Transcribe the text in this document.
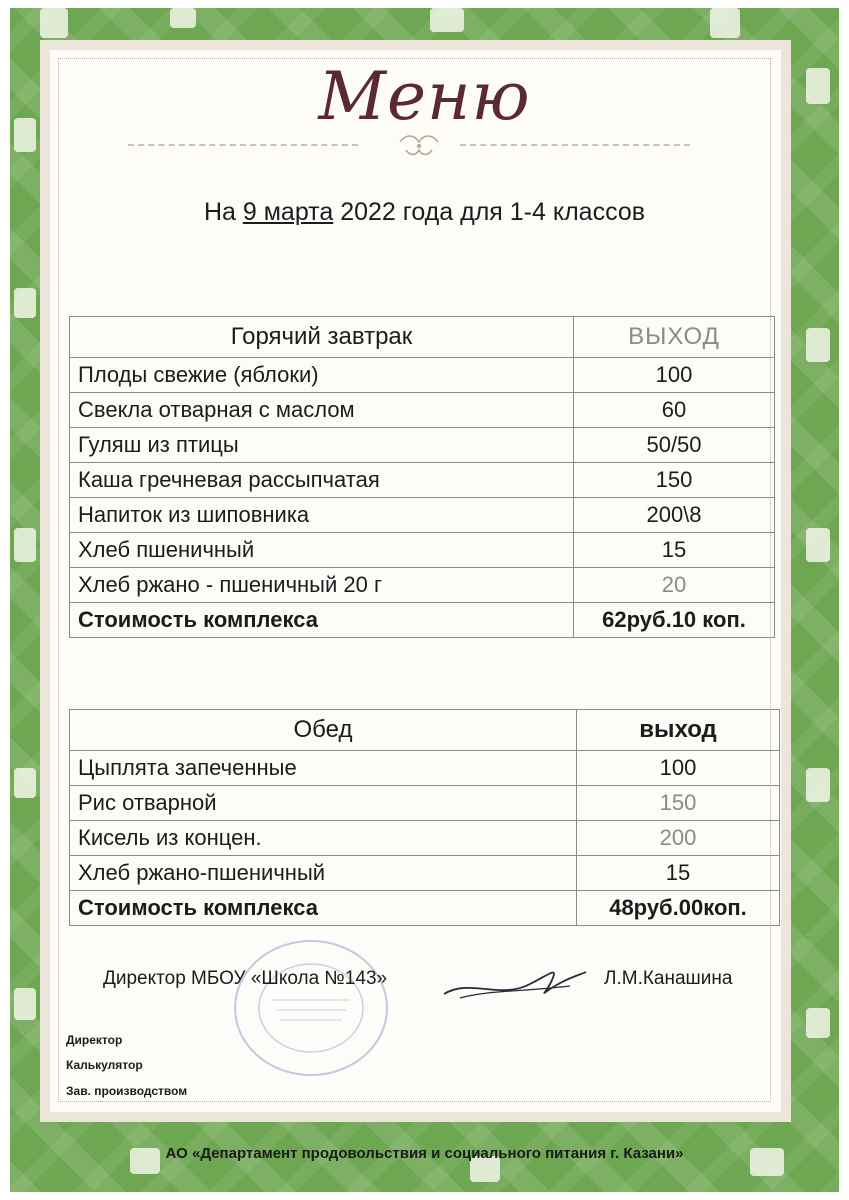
Меню
На 9 марта 2022 года для 1-4 классов
Горячий завтрак	ВЫХОД
Плоды свежие (яблоки)	100
Свекла отварная с маслом	60
Гуляш из птицы	50/50
Каша гречневая рассыпчатая	150
Напиток из шиповника	200\8
Хлеб пшеничный	15
Хлеб ржано - пшеничный 20 г	20
Стоимость комплекса	62руб.10 коп.
Обед	выход
Цыплята запеченные	100
Рис отварной	150
Кисель из концен.	200
Хлеб ржано-пшеничный	15
Стоимость комплекса	48руб.00коп.
Директор МБОУ «Школа №143»	Л.М.Канашина
Директор
Калькулятор
Зав. производством
АО «Департамент продовольствия и социального питания г. Казани»
